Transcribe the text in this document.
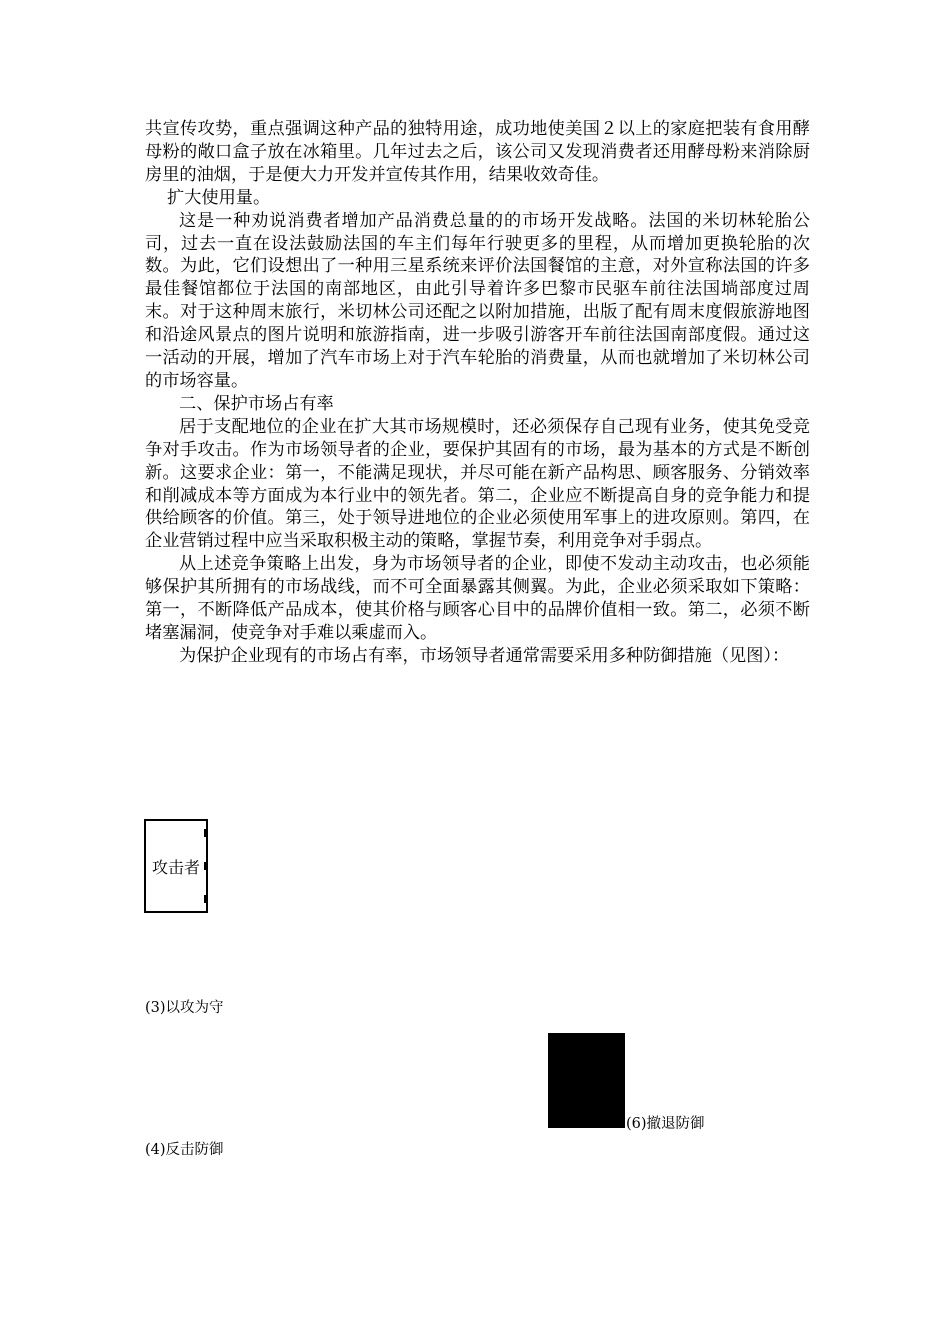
共宣传攻势，重点强调这种产品的独特用途，成功地使美国２以上的家庭把装有食用酵母粉的敞口盒子放在冰箱里。几年过去之后，该公司又发现消费者还用酵母粉来消除厨房里的油烟，于是便大力开发并宣传其作用，结果收效奇佳。

扩大使用量。

这是一种劝说消费者增加产品消费总量的的市场开发战略。法国的米切林轮胎公司，过去一直在设法鼓励法国的车主们每年行驶更多的里程，从而增加更换轮胎的次数。为此，它们设想出了一种用三星系统来评价法国餐馆的主意，对外宣称法国的许多最佳餐馆都位于法国的南部地区，由此引导着许多巴黎市民驱车前往法国埫部度过周末。对于这种周末旅行，米切林公司还配之以附加措施，出版了配有周末度假旅游地图和沿途风景点的图片说明和旅游指南，进一步吸引游客开车前往法国南部度假。通过这一活动的开展，增加了汽车市场上对于汽车轮胎的消费量，从而也就增加了米切林公司的市场容量。

二、保护市场占有率

居于支配地位的企业在扩大其市场规模时，还必须保存自己现有业务，使其免受竞争对手攻击。作为市场领导者的企业，要保护其固有的市场，最为基本的方式是不断创新。这要求企业：第一，不能满足现状，并尽可能在新产品构思、顾客服务、分销效率和削减成本等方面成为本行业中的领先者。第二，企业应不断提高自身的竞争能力和提供给顾客的价值。第三，处于领导进地位的企业必须使用军事上的进攻原则。第四，在企业营销过程中应当采取积极主动的策略，掌握节奏，利用竞争对手弱点。

从上述竞争策略上出发，身为市场领导者的企业，即使不发动主动攻击，也必须能够保护其所拥有的市场战线，而不可全面暴露其侧翼。为此，企业必须采取如下策略：第一，不断降低产品成本，使其价格与顾客心目中的品牌价值相一致。第二，必须不断堵塞漏洞，使竞争对手难以乘虚而入。

为保护企业现有的市场占有率，市场领导者通常需要采用多种防御措施（见图）：

攻击者
(3)以攻为守
(6)撤退防御
(4)反击防御
